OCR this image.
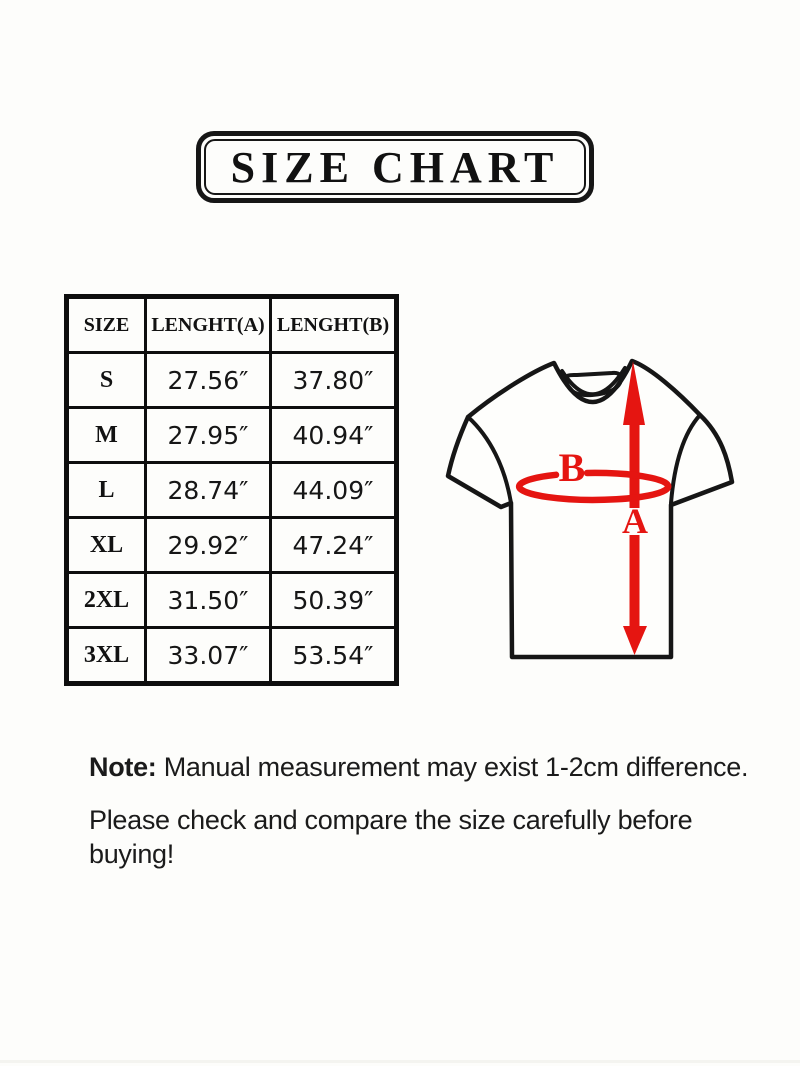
SIZE CHART
SIZE	LENGHT(A)	LENGHT(B)
S	27.56″	37.80″
M	27.95″	40.94″
L	28.74″	44.09″
XL	29.92″	47.24″
2XL	31.50″	50.39″
3XL	33.07″	53.54″
B
A

Note: Manual measurement may exist 1-2cm difference.

Please check and compare the size carefully before buying!
